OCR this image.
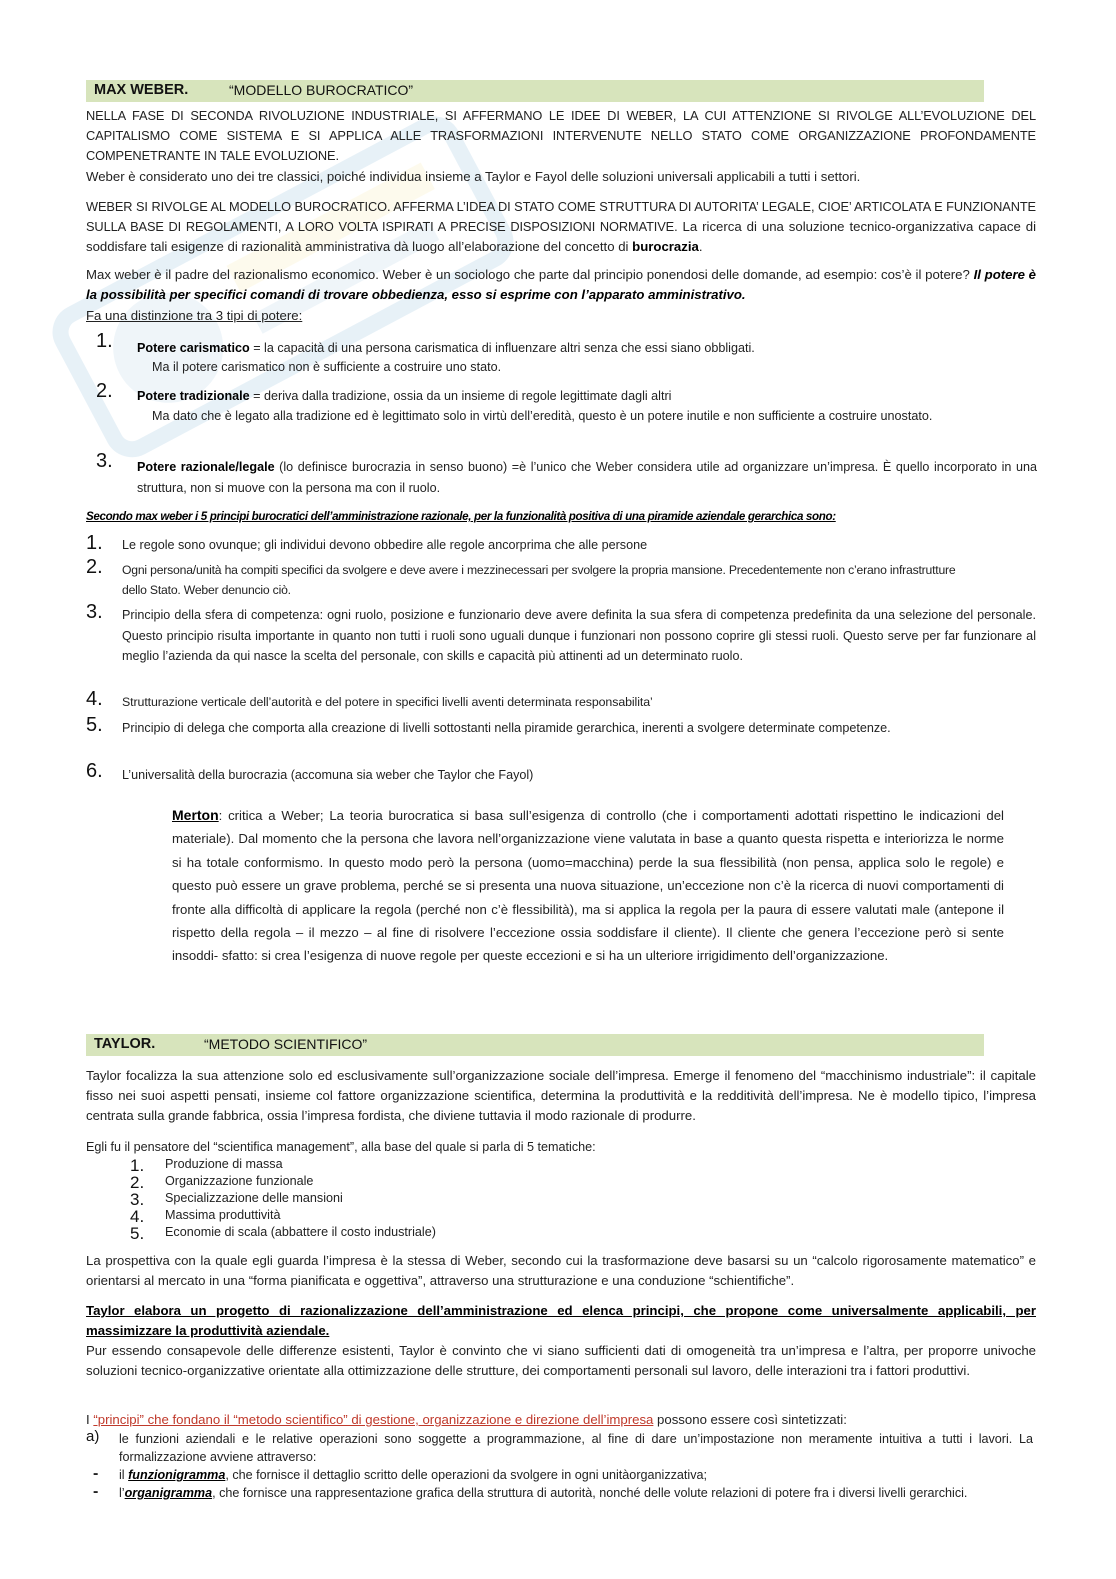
MAX WEBER.	“MODELLO BUROCRATICO”
NELLA FASE DI SECONDA RIVOLUZIONE INDUSTRIALE, SI AFFERMANO LE IDEE DI WEBER, LA CUI ATTENZIONE SI RIVOLGE ALL’EVOLUZIONE DEL CAPITALISMO COME SISTEMA E SI APPLICA ALLE TRASFORMAZIONI INTERVENUTE NELLO STATO COME ORGANIZZAZIONE PROFONDAMENTE COMPENETRANTE IN TALE EVOLUZIONE.
Weber è considerato uno dei tre classici, poiché individua insieme a Taylor e Fayol delle soluzioni universali applicabili a tutti i settori.
WEBER SI RIVOLGE AL MODELLO BUROCRATICO. AFFERMA L’IDEA DI STATO COME STRUTTURA DI AUTORITA’ LEGALE, CIOE’ ARTICOLATA E FUNZIONANTE SULLA BASE DI REGOLAMENTI, A LORO VOLTA ISPIRATI A PRECISE DISPOSIZIONI NORMATIVE. La ricerca di una soluzione tecnico-organizzativa capace di soddisfare tali esigenze di razionalità amministrativa dà luogo all’elaborazione del concetto di burocrazia.
Max weber è il padre del razionalismo economico. Weber è un sociologo che parte dal principio ponendosi delle domande, ad esempio: cos’è il potere? Il potere è la possibilità per specifici comandi di trovare obbedienza, esso si esprime con l’apparato amministrativo.
Fa una distinzione tra 3 tipi di potere:
1. Potere carismatico = la capacità di una persona carismatica di influenzare altri senza che essi siano obbligati.
Ma il potere carismatico non è sufficiente a costruire uno stato.
2. Potere tradizionale = deriva dalla tradizione, ossia da un insieme di regole legittimate dagli altri
Ma dato che è legato alla tradizione ed è legittimato solo in virtù dell’eredità, questo è un potere inutile e non sufficiente a costruire unostato.
3. Potere razionale/legale (lo definisce burocrazia in senso buono) =è l’unico che Weber considera utile ad organizzare un’impresa. È quello incorporato in una struttura, non si muove con la persona ma con il ruolo.
Secondo max weber i 5 principi burocratici dell’amministrazione razionale, per la funzionalità positiva di una piramide aziendale gerarchica sono:
1. Le regole sono ovunque; gli individui devono obbedire alle regole ancorprima che alle persone
2. Ogni persona/unità ha compiti specifici da svolgere e deve avere i mezzinecessari per svolgere la propria mansione. Precedentemente non c’erano infrastrutture dello Stato. Weber denuncio ciò.
3. Principio della sfera di competenza: ogni ruolo, posizione e funzionario deve avere definita la sua sfera di competenza predefinita da una selezione del personale. Questo principio risulta importante in quanto non tutti i ruoli sono uguali dunque i funzionari non possono coprire gli stessi ruoli. Questo serve per far funzionare al meglio l’azienda da qui nasce la scelta del personale, con skills e capacità più attinenti ad un determinato ruolo.
4. Strutturazione verticale dell’autorità e del potere in specifici livelli aventi determinata responsabilita’
5. Principio di delega che comporta alla creazione di livelli sottostanti nella piramide gerarchica, inerenti a svolgere determinate competenze.
6. L’universalità della burocrazia (accomuna sia weber che Taylor che Fayol)
Merton: critica a Weber; La teoria burocratica si basa sull’esigenza di controllo (che i comportamenti adottati rispettino le indicazioni del materiale). Dal momento che la persona che lavora nell’organizzazione viene valutata in base a quanto questa rispetta e interiorizza le norme si ha totale conformismo. In questo modo però la persona (uomo=macchina) perde la sua flessibilità (non pensa, applica solo le regole) e questo può essere un grave problema, perché se si presenta una nuova situazione, un’eccezione non c’è la ricerca di nuovi comportamenti di fronte alla difficoltà di applicare la regola (perché non c’è flessibilità), ma si applica la regola per la paura di essere valutati male (antepone il rispetto della regola – il mezzo – al fine di risolvere l’eccezione ossia soddisfare il cliente). Il cliente che genera l’eccezione però si sente insoddi- sfatto: si crea l’esigenza di nuove regole per queste eccezioni e si ha un ulteriore irrigidimento dell’organizzazione.
TAYLOR.	“METODO SCIENTIFICO”
Taylor focalizza la sua attenzione solo ed esclusivamente sull’organizzazione sociale dell’impresa. Emerge il fenomeno del “macchinismo industriale”: il capitale fisso nei suoi aspetti pensati, insieme col fattore organizzazione scientifica, determina la produttività e la redditività dell’impresa. Ne è modello tipico, l’impresa centrata sulla grande fabbrica, ossia l’impresa fordista, che diviene tuttavia il modo razionale di produrre.
Egli fu il pensatore del “scientifica management”, alla base del quale si parla di 5 tematiche:
1. Produzione di massa
2. Organizzazione funzionale
3. Specializzazione delle mansioni
4. Massima produttività
5. Economie di scala (abbattere il costo industriale)
La prospettiva con la quale egli guarda l’impresa è la stessa di Weber, secondo cui la trasformazione deve basarsi su un “calcolo rigorosamente matematico” e orientarsi al mercato in una “forma pianificata e oggettiva”, attraverso una strutturazione e una conduzione “schientifiche”.
Taylor elabora un progetto di razionalizzazione dell’amministrazione ed elenca principi, che propone come universalmente applicabili, per massimizzare la produttività aziendale.
Pur essendo consapevole delle differenze esistenti, Taylor è convinto che vi siano sufficienti dati di omogeneità tra un’impresa e l’altra, per proporre univoche soluzioni tecnico-organizzative orientate alla ottimizzazione delle strutture, dei comportamenti personali sul lavoro, delle interazioni tra i fattori produttivi.
I “principi” che fondano il “metodo scientifico” di gestione, organizzazione e direzione dell’impresa possono essere così sintetizzati:
a) le funzioni aziendali e le relative operazioni sono soggette a programmazione, al fine di dare un’impostazione non meramente intuitiva a tutti i lavori. La formalizzazione avviene attraverso:
- il funzionigramma, che fornisce il dettaglio scritto delle operazioni da svolgere in ogni unitàorganizzativa;
- l’organigramma, che fornisce una rappresentazione grafica della struttura di autorità, nonché delle volute relazioni di potere fra i diversi livelli gerarchici.
